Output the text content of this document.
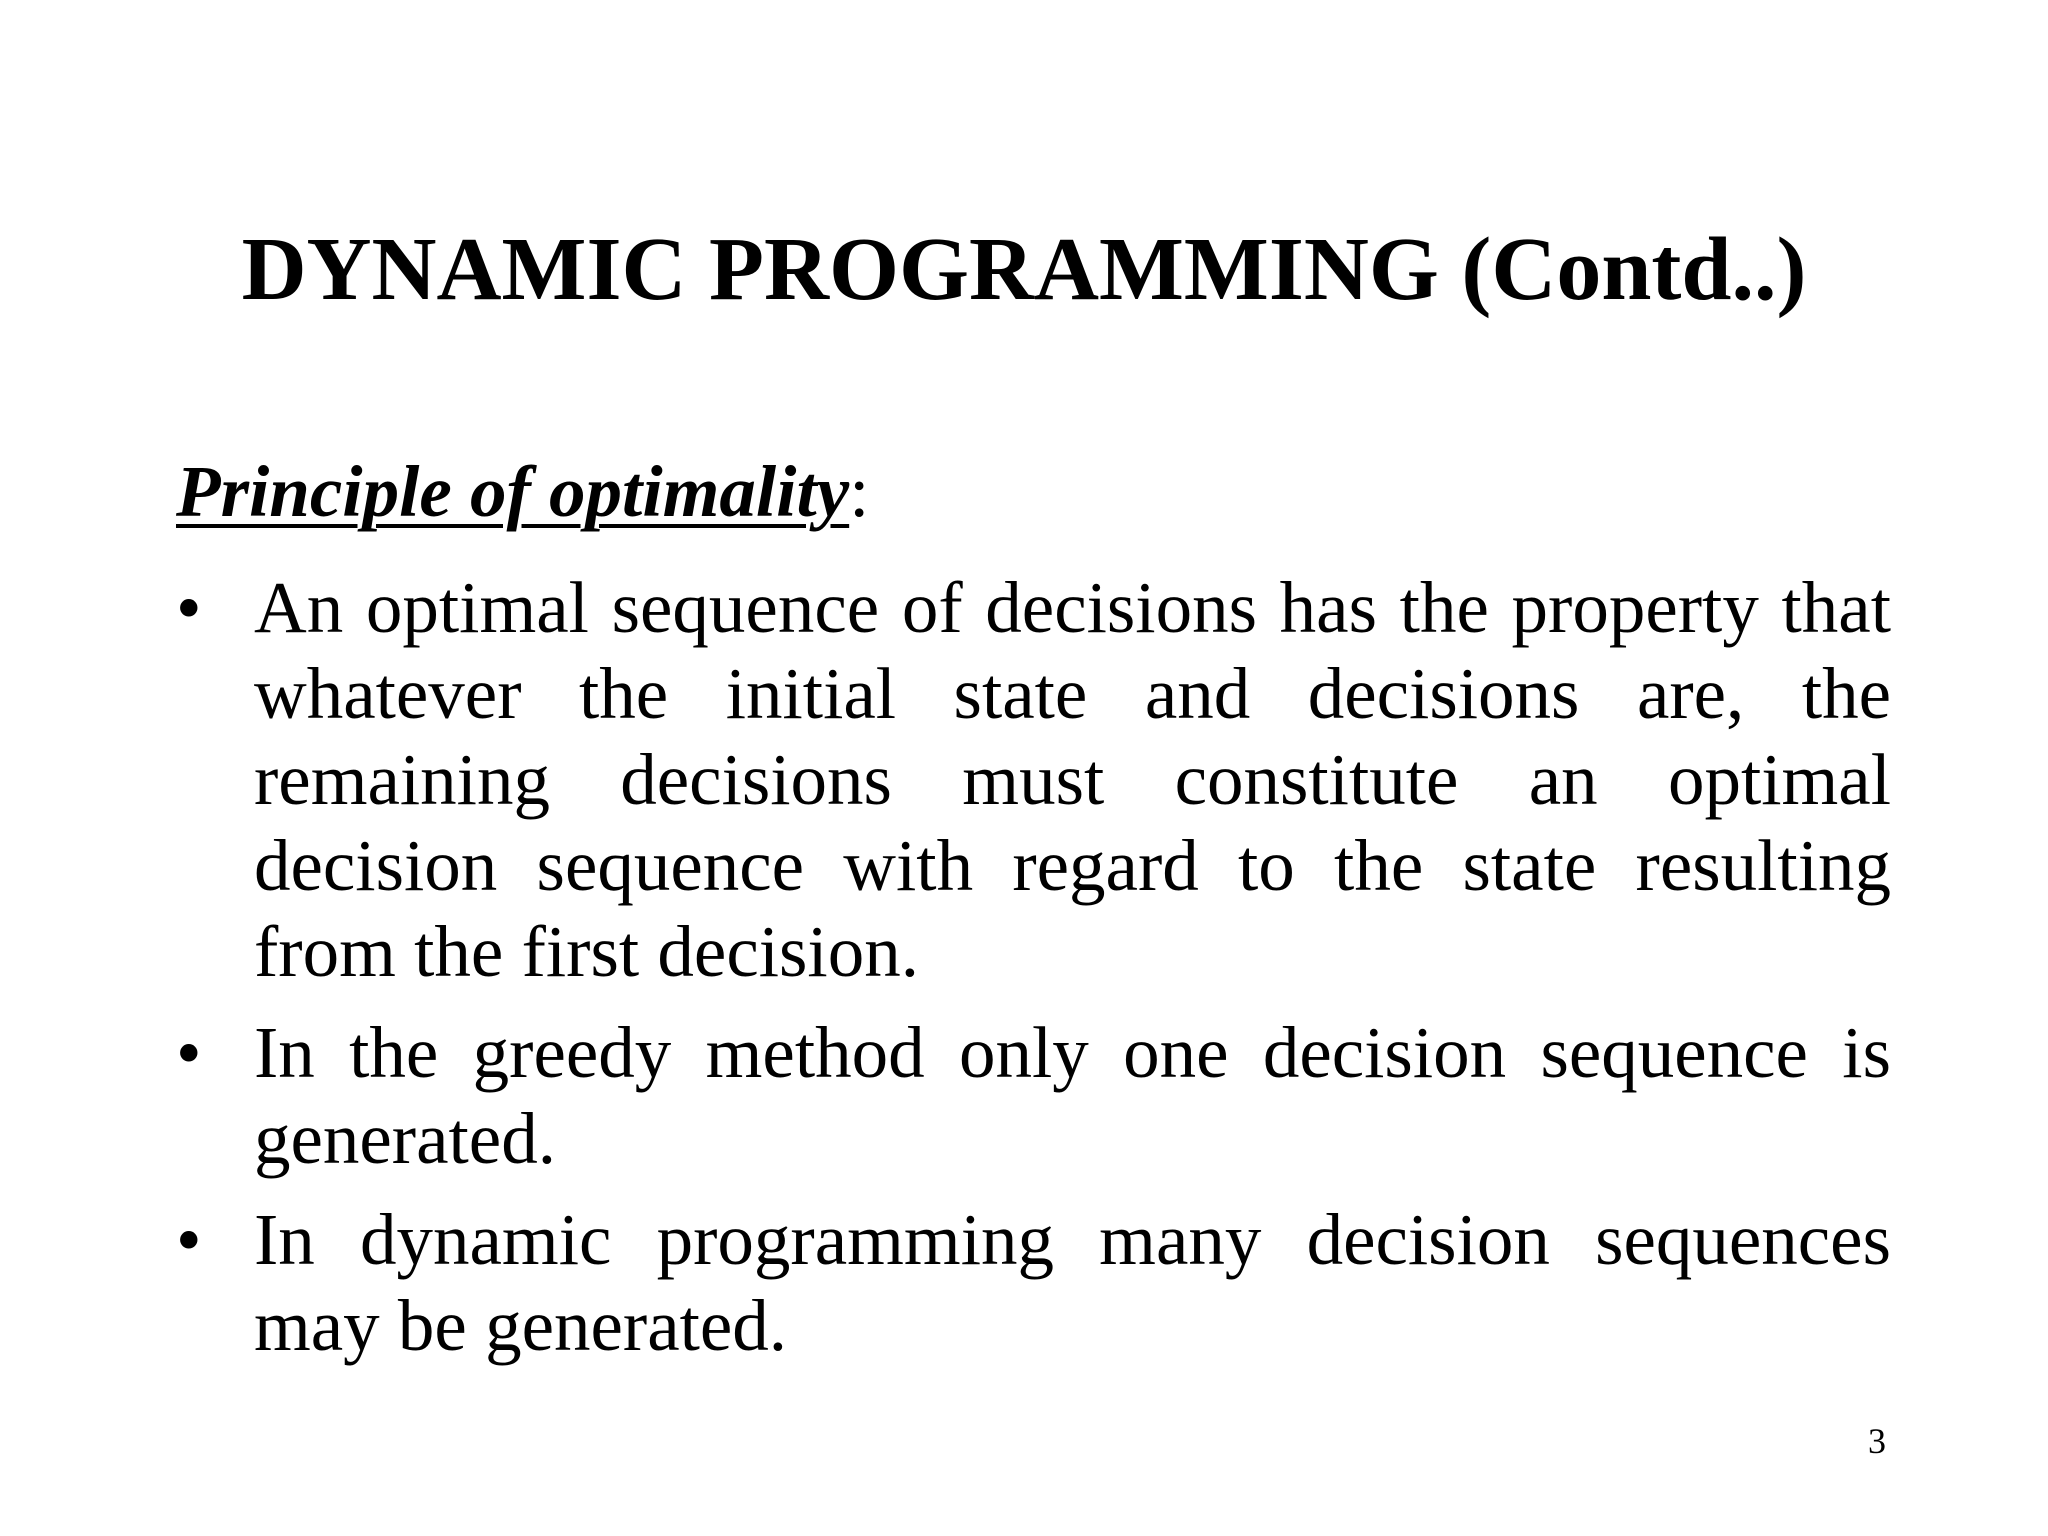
DYNAMIC PROGRAMMING (Contd..)
Principle of optimality:
• An optimal sequence of decisions has the property that whatever the initial state and decisions are, the remaining decisions must constitute an optimal decision sequence with regard to the state resulting from the first decision.
• In the greedy method only one decision sequence is generated.
• In dynamic programming many decision sequences may be generated.
3
